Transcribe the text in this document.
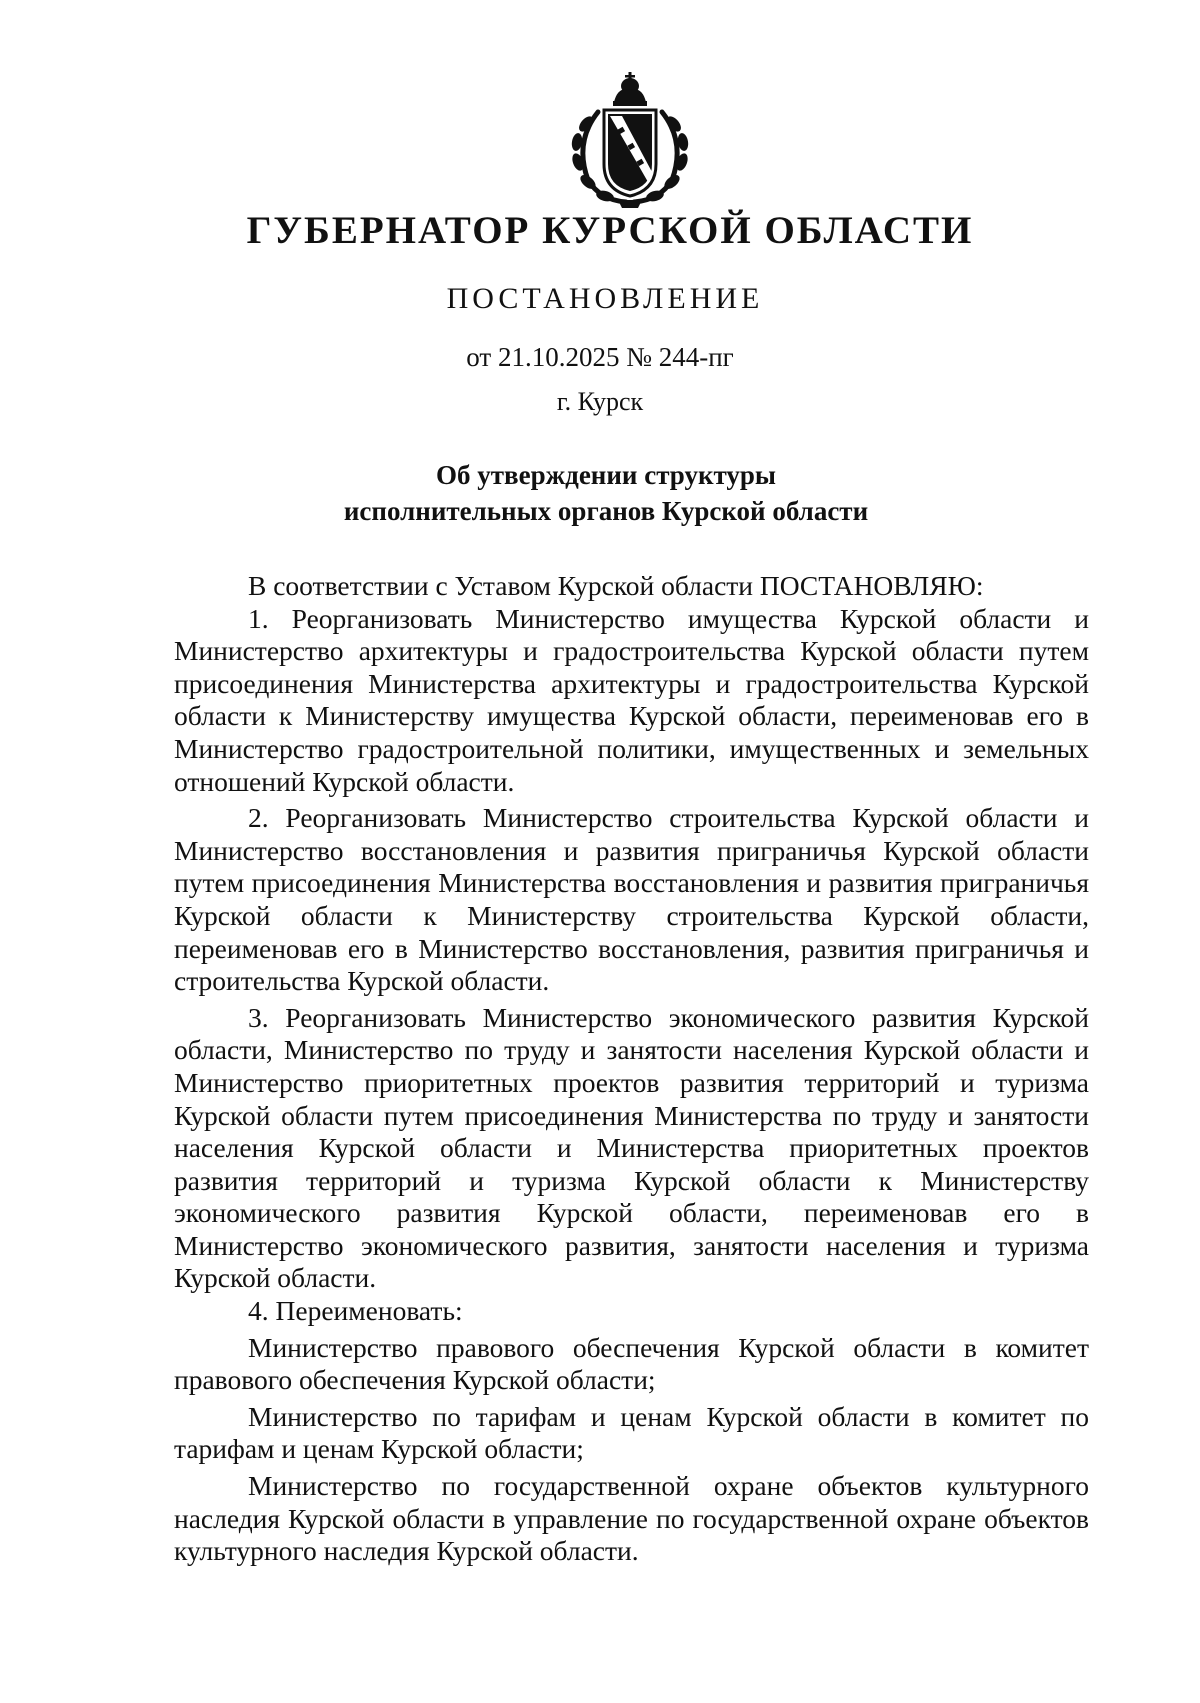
ГУБЕРНАТОР КУРСКОЙ ОБЛАСТИ
ПОСТАНОВЛЕНИЕ
от 21.10.2025 № 244-пг
г. Курск
Об утверждении структуры
исполнительных органов Курской области

В соответствии с Уставом Курской области ПОСТАНОВЛЯЮ:

1. Реорганизовать Министерство имущества Курской области и Министерство архитектуры и градостроительства Курской области путем присоединения Министерства архитектуры и градостроительства Курской области к Министерству имущества Курской области, переименовав его в Министерство градостроительной политики, имущественных и земельных отношений Курской области.

2. Реорганизовать Министерство строительства Курской области и Министерство восстановления и развития приграничья Курской области путем присоединения Министерства восстановления и развития приграничья Курской области к Министерству строительства Курской области, переименовав его в Министерство восстановления, развития приграничья и строительства Курской области.

3. Реорганизовать Министерство экономического развития Курской области, Министерство по труду и занятости населения Курской области и Министерство приоритетных проектов развития территорий и туризма Курской области путем присоединения Министерства по труду и занятости населения Курской области и Министерства приоритетных проектов развития территорий и туризма Курской области к Министерству экономического развития Курской области, переименовав его в Министерство экономического развития, занятости населения и туризма Курской области.

4. Переименовать:

Министерство правового обеспечения Курской области в комитет правового обеспечения Курской области;

Министерство по тарифам и ценам Курской области в комитет по тарифам и ценам Курской области;

Министерство по государственной охране объектов культурного наследия Курской области в управление по государственной охране объектов культурного наследия Курской области.
